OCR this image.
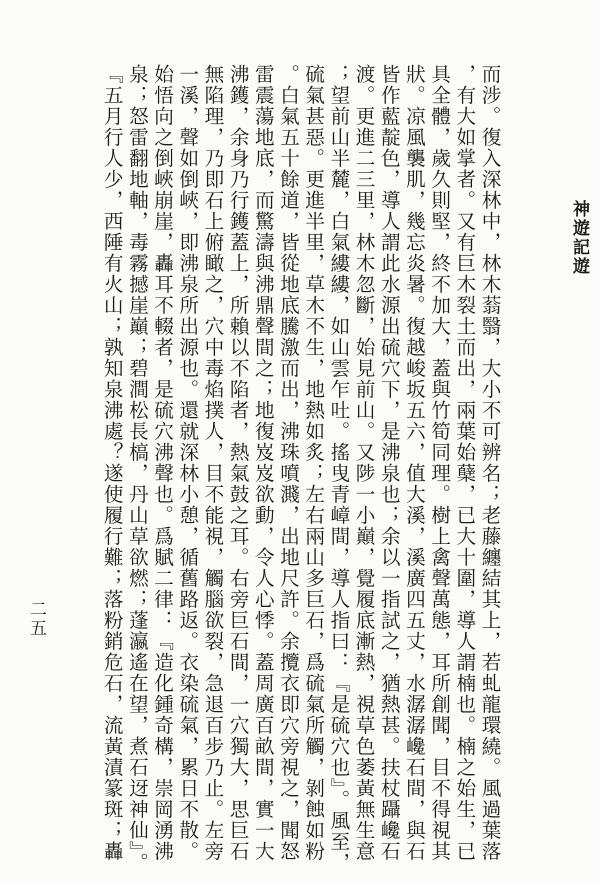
而涉。復入深林中，林木蓊翳，大小不可辨名；老藤纏結其上，若虬龍環繞。風過葉落
，有大如掌者。又有巨木裂土而出，兩葉始蘖，已大十圍，導人謂楠也。楠之始生，已
具全體，歲久則堅，終不加大，蓋與竹筍同理。樹上禽聲萬態，耳所創聞，目不得視其
狀。凉風襲肌，幾忘炎暑。復越峻坂五六，值大溪，溪廣四五丈，水潺潺巉石間，與石
皆作藍靛色，導人謂此水源出硫穴下，是沸泉也；余以一指試之，猶熱甚。扶杖躡巉石
渡。更進二三里，林木忽斷，始見前山。又陟一小巔，覺履底漸熱，視草色萎黃無生意
；望前山半麓，白氣縷縷，如山雲乍吐。搖曳青嶂間，導人指曰：『是硫穴也』。風至，
硫氣甚惡。更進半里，草木不生，地熱如炙；左右兩山多巨石，爲硫氣所觸，剝蝕如粉
。白氣五十餘道，皆從地底騰激而出，沸珠噴濺，出地尺許。余攬衣即穴旁視之，聞怒
雷震蕩地底，而驚濤與沸鼎聲間之；地復岌岌欲動，令人心悸。蓋周廣百畝間，實一大
沸鑊，余身乃行鑊蓋上，所賴以不陷者，熱氣鼓之耳。右旁巨石間，一穴獨大，思巨石
無陷理，乃即石上俯瞰之，穴中毒焰撲人，目不能視，觸腦欲裂，急退百步乃止。左旁
一溪，聲如倒峽，即沸泉所出源也。還就深林小憩，循舊路返。衣染硫氣，累日不散。
始悟向之倒峽崩崖，轟耳不輟者，是硫穴沸聲也。爲賦二律：『造化鍾奇構，崇岡湧沸
泉；怒雷翻地軸，毒霧撼崖巔；碧澗松長槁，丹山草欲燃；蓬瀛遙在望，煮石迓神仙』。
『五月行人少，西陲有火山；孰知泉沸處？遂使履行難；落粉銷危石，流黃漬篆斑；轟	神遊記遊
二五
